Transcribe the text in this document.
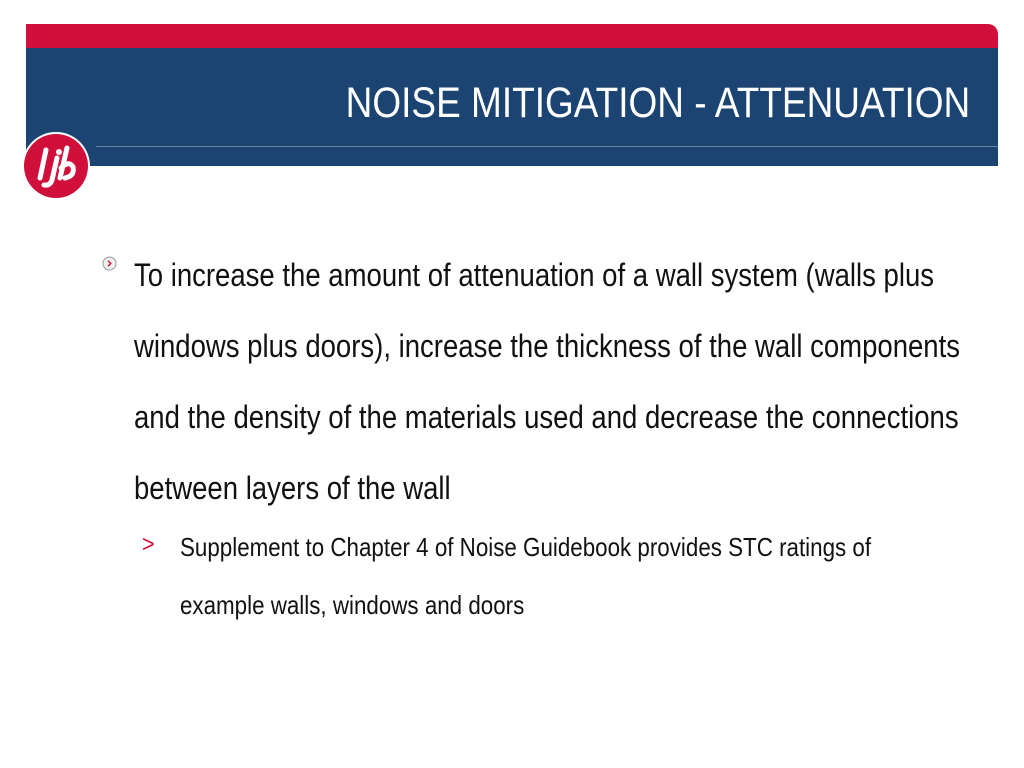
NOISE MITIGATION - ATTENUATION

To increase the amount of attenuation of a wall system (walls plus windows plus doors), increase the thickness of the wall components and the density of the materials used and decrease the connections between layers of the wall

> Supplement to Chapter 4 of Noise Guidebook provides STC ratings of example walls, windows and doors
